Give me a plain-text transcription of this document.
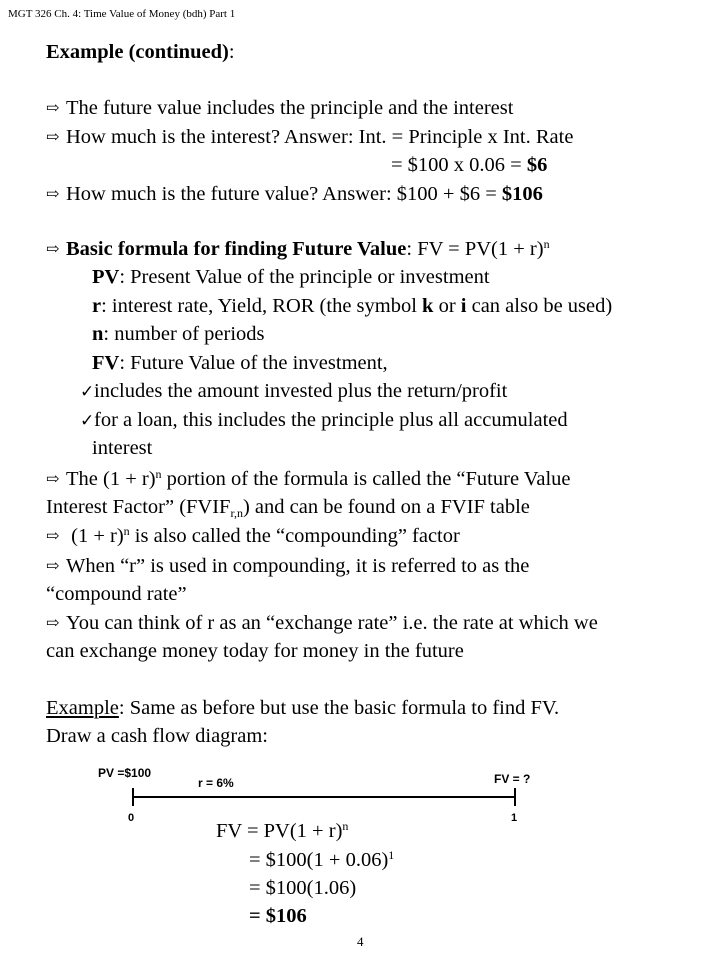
MGT 326 Ch. 4: Time Value of Money (bdh) Part 1
Example (continued):
⇨ The future value includes the principle and the interest
⇨ How much is the interest? Answer: Int. = Principle x Int. Rate
= $100 x 0.06 = $6
⇨ How much is the future value? Answer: $100 + $6 = $106
⇨ Basic formula for finding Future Value: FV = $PV(1 + r)^n$
PV: Present Value of the principle or investment
r: interest rate, Yield, ROR (the symbol k or i can also be used)
n: number of periods
FV: Future Value of the investment,
✓includes the amount invested plus the return/profit
✓for a loan, this includes the principle plus all accumulated
interest
⇨ The $(1 + r)^n$ portion of the formula is called the “Future Value
Interest Factor” $(FVIF_{r,n})$ and can be found on a FVIF table
⇨ $(1 + r)^n$ is also called the “compounding” factor
⇨ When “r” is used in compounding, it is referred to as the
“compound rate”
⇨ You can think of r as an “exchange rate” i.e. the rate at which we
can exchange money today for money in the future
Example: Same as before but use the basic formula to find FV.
Draw a cash flow diagram:
PV =$100
r = 6%	FV = ?
0	1
FV = $PV(1 + r)^n$
= $100(1 + 0.06)$^1$
= $100(1.06)
= $106
4
